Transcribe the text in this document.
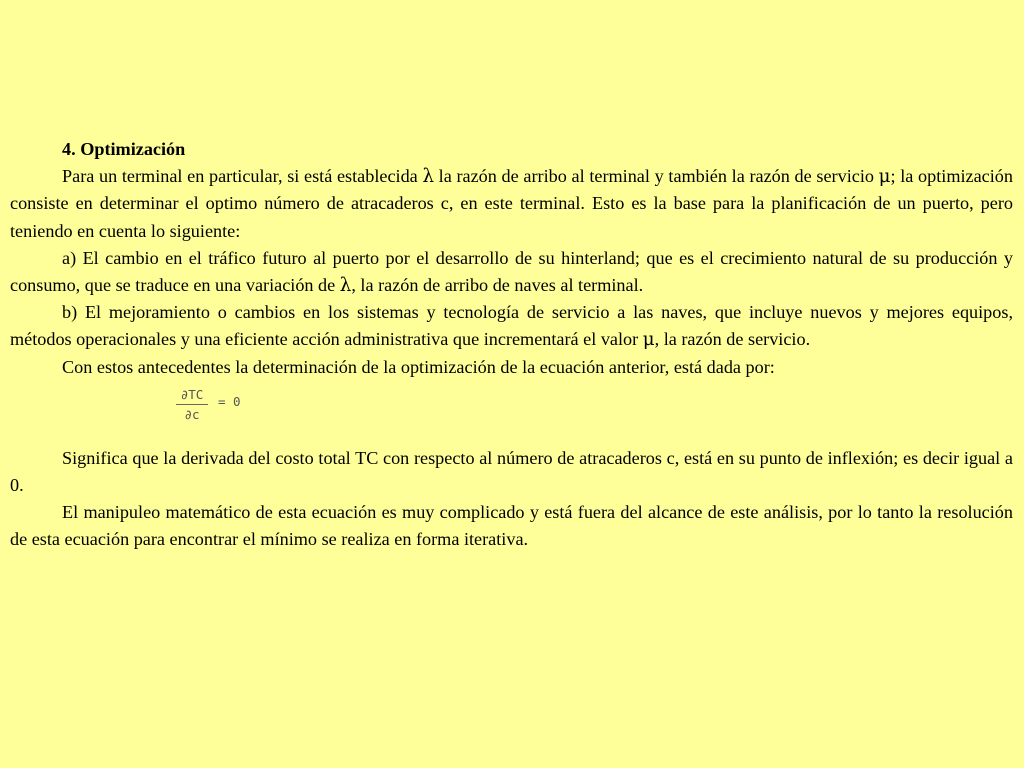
4. Optimización

Para un terminal en particular, si está establecida λ la razón de arribo al terminal y también la razón de servicio μ; la optimización consiste en determinar el optimo número de atracaderos c, en este terminal. Esto es la base para la planificación de un puerto, pero teniendo en cuenta lo siguiente:

a) El cambio en el tráfico futuro al puerto por el desarrollo de su hinterland; que es el crecimiento natural de su producción y consumo, que se traduce en una variación de λ, la razón de arribo de naves al terminal.

b) El mejoramiento o cambios en los sistemas y tecnología de servicio a las naves, que incluye nuevos y mejores equipos, métodos operacionales y una eficiente acción administrativa que incrementará el valor μ, la razón de servicio.

Con estos antecedentes la determinación de la optimización de la ecuación anterior, está dada por:

∂TC
∂c
= 0

Significa que la derivada del costo total TC con respecto al número de atracaderos c, está en su punto de inflexión; es decir igual a 0.

El manipuleo matemático de esta ecuación es muy complicado y está fuera del alcance de este análisis, por lo tanto la resolución de esta ecuación para encontrar el mínimo se realiza en forma iterativa.
